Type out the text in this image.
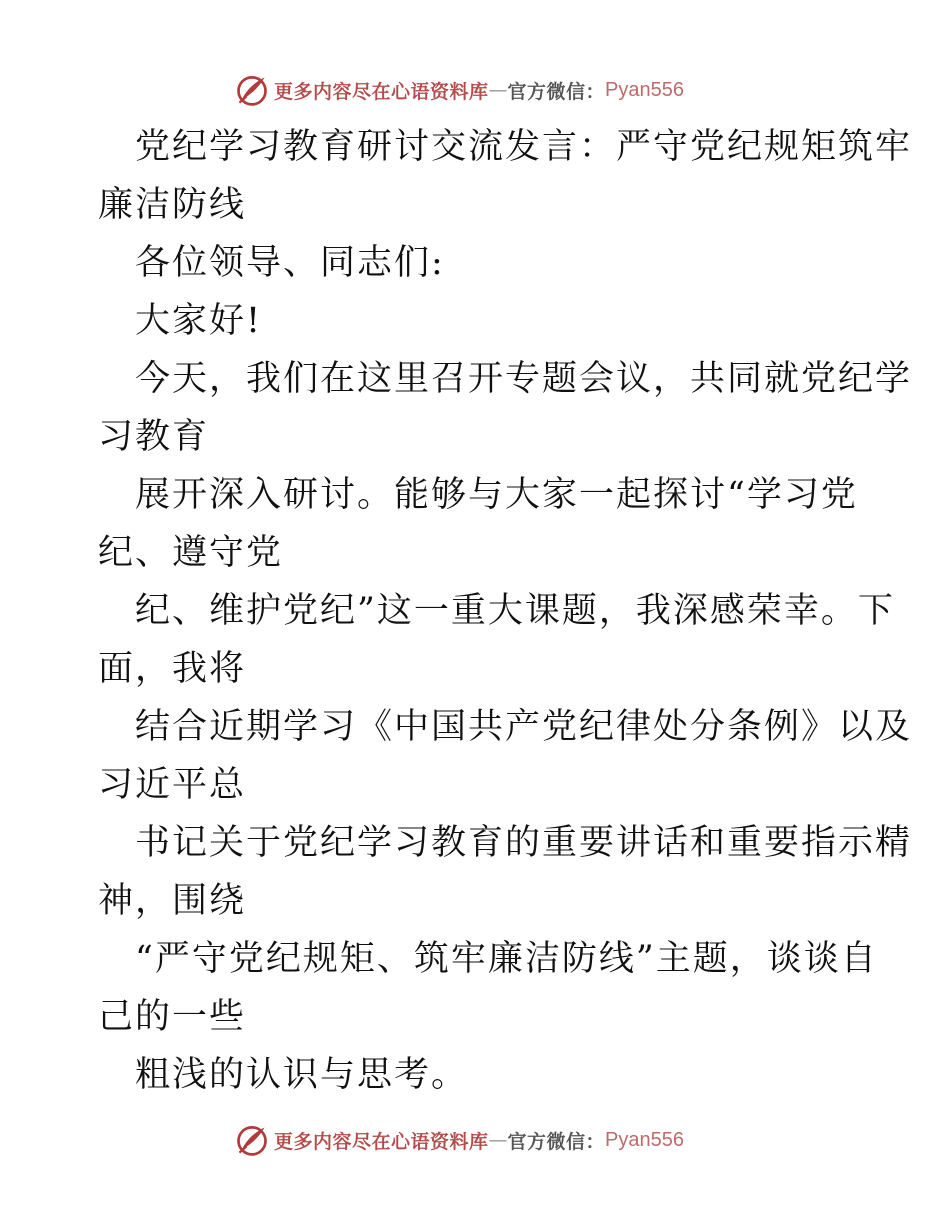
更多内容尽在心语资料库 — 官方微信： Pyan556
党纪学习教育研讨交流发言：严守党纪规矩筑牢
廉洁防线
各位领导、同志们:
大家好!
今天，我们在这里召开专题会议，共同就党纪学
习教育
展开深入研讨。能够与大家一起探讨“学习党
纪、遵守党
纪、维护党纪”这一重大课题，我深感荣幸。下
面，我将
结合近期学习《中国共产党纪律处分条例》以及
习近平总
书记关于党纪学习教育的重要讲话和重要指示精
神，围绕
“严守党纪规矩、筑牢廉洁防线”主题，谈谈自
己的一些
粗浅的认识与思考。
更多内容尽在心语资料库 — 官方微信： Pyan556
